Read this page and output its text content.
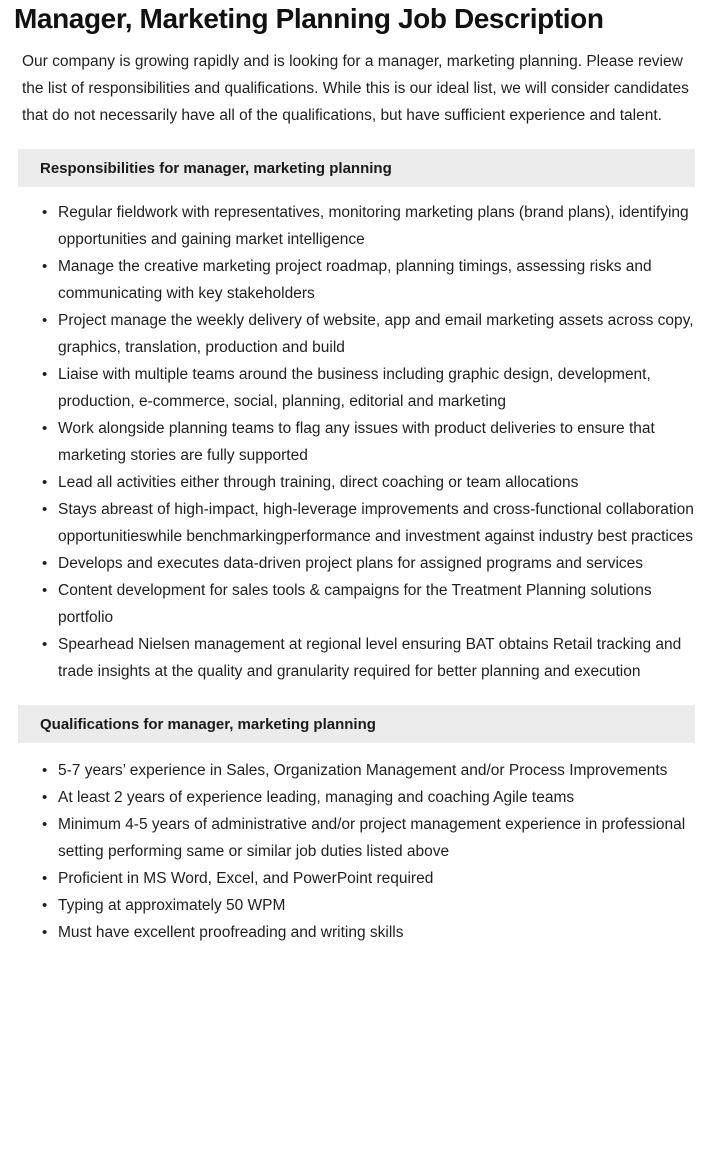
Manager, Marketing Planning Job Description

Our company is growing rapidly and is looking for a manager, marketing planning. Please review the list of responsibilities and qualifications. While this is our ideal list, we will consider candidates that do not necessarily have all of the qualifications, but have sufficient experience and talent.

Responsibilities for manager, marketing planning
• Regular fieldwork with representatives, monitoring marketing plans (brand plans), identifying opportunities and gaining market intelligence
• Manage the creative marketing project roadmap, planning timings, assessing risks and communicating with key stakeholders
• Project manage the weekly delivery of website, app and email marketing assets across copy, graphics, translation, production and build
• Liaise with multiple teams around the business including graphic design, development, production, e-commerce, social, planning, editorial and marketing
• Work alongside planning teams to flag any issues with product deliveries to ensure that marketing stories are fully supported
• Lead all activities either through training, direct coaching or team allocations
• Stays abreast of high-impact, high-leverage improvements and cross-functional collaboration opportunitieswhile benchmarkingperformance and investment against industry best practices
• Develops and executes data-driven project plans for assigned programs and services
• Content development for sales tools & campaigns for the Treatment Planning solutions portfolio
• Spearhead Nielsen management at regional level ensuring BAT obtains Retail tracking and trade insights at the quality and granularity required for better planning and execution
Qualifications for manager, marketing planning
• 5-7 years’ experience in Sales, Organization Management and/or Process Improvements
• At least 2 years of experience leading, managing and coaching Agile teams
• Minimum 4-5 years of administrative and/or project management experience in professional setting performing same or similar job duties listed above
• Proficient in MS Word, Excel, and PowerPoint required
• Typing at approximately 50 WPM
• Must have excellent proofreading and writing skills
